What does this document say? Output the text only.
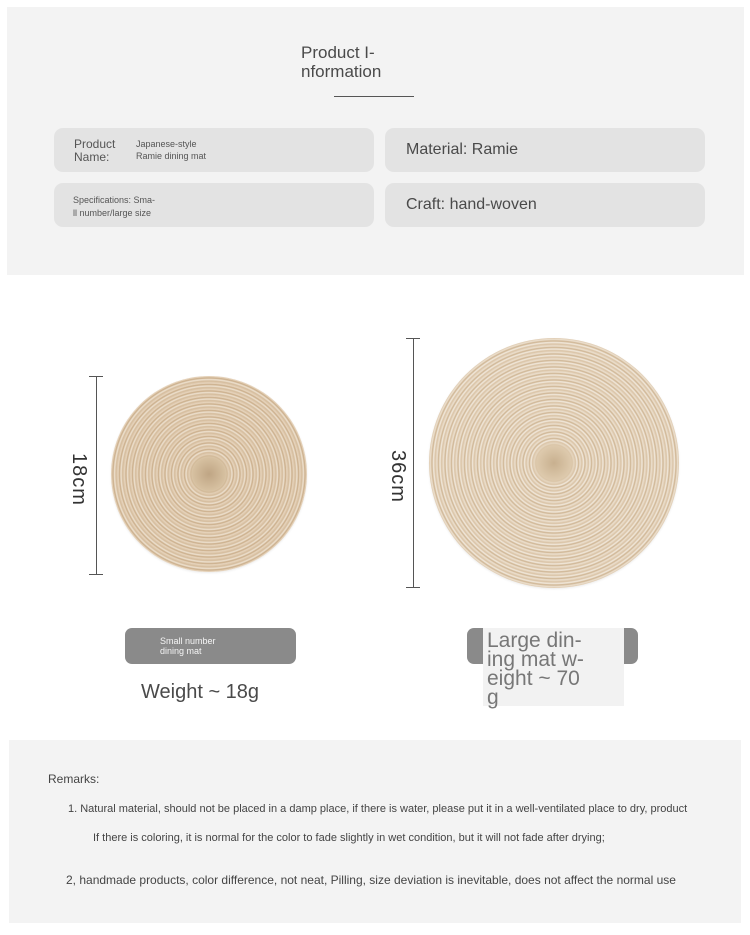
Product I-
nformation
Product
Name:
Japanese-style
Ramie dining mat	Material: Ramie
Specifications: Sma-
ll number/large size	Craft: hand-woven
18cm	36cm
Small number
dining mat
Weight ~ 18g
Large din-
ing mat w-
eight ~ 70
g
Remarks:
1. Natural material, should not be placed in a damp place, if there is water, please put it in a well-ventilated place to dry, product
If there is coloring, it is normal for the color to fade slightly in wet condition, but it will not fade after drying;
2, handmade products, color difference, not neat, Pilling, size deviation is inevitable, does not affect the normal use
